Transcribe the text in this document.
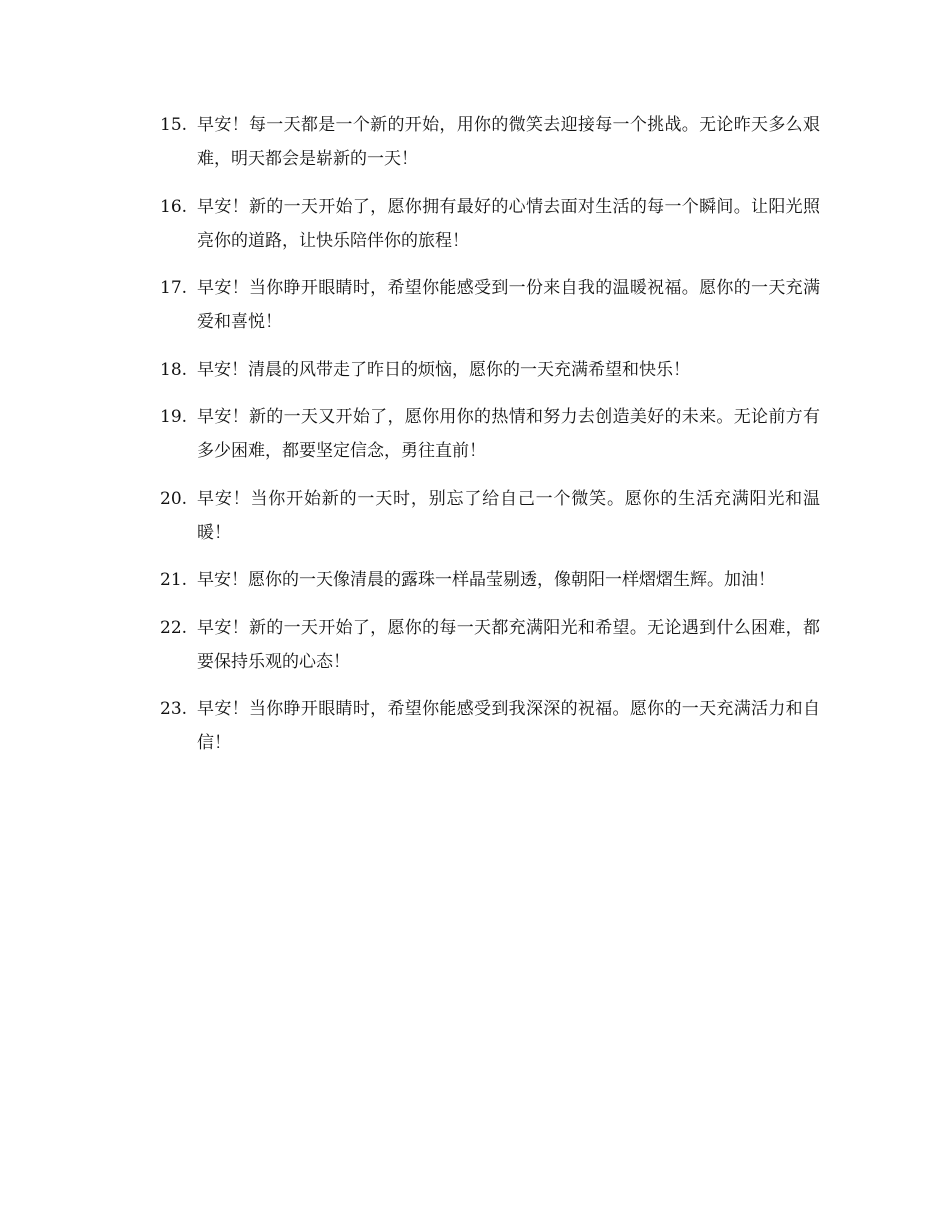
15. 早安！每一天都是一个新的开始，用你的微笑去迎接每一个挑战。无论昨天多么艰难，明天都会是崭新的一天！
16. 早安！新的一天开始了，愿你拥有最好的心情去面对生活的每一个瞬间。让阳光照亮你的道路，让快乐陪伴你的旅程！
17. 早安！当你睁开眼睛时，希望你能感受到一份来自我的温暖祝福。愿你的一天充满爱和喜悦！
18. 早安！清晨的风带走了昨日的烦恼，愿你的一天充满希望和快乐！
19. 早安！新的一天又开始了，愿你用你的热情和努力去创造美好的未来。无论前方有多少困难，都要坚定信念，勇往直前！
20. 早安！当你开始新的一天时，别忘了给自己一个微笑。愿你的生活充满阳光和温暖！
21. 早安！愿你的一天像清晨的露珠一样晶莹剔透，像朝阳一样熠熠生辉。加油！
22. 早安！新的一天开始了，愿你的每一天都充满阳光和希望。无论遇到什么困难，都要保持乐观的心态！
23. 早安！当你睁开眼睛时，希望你能感受到我深深的祝福。愿你的一天充满活力和自信！
